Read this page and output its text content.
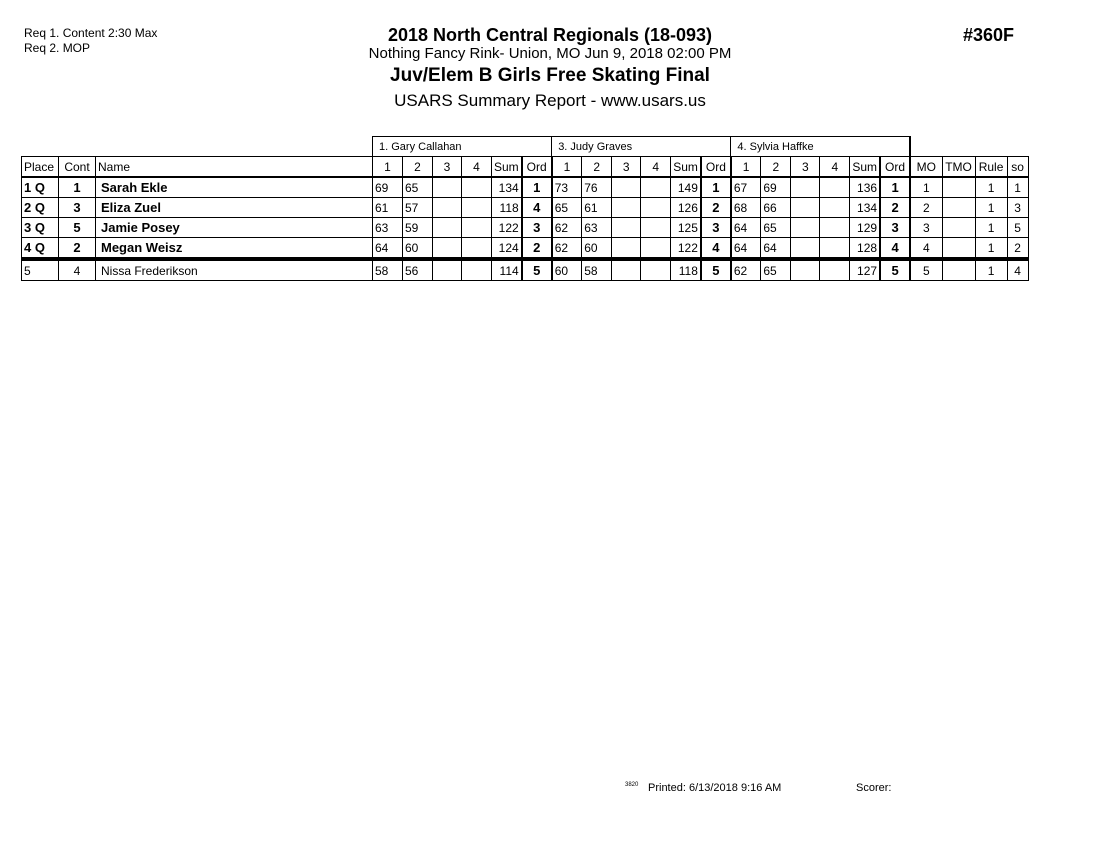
Req 1. Content 2:30 Max
Req 2. MOP
2018 North Central Regionals (18-093)
Nothing Fancy Rink- Union, MO Jun 9, 2018 02:00 PM
Juv/Elem B Girls Free Skating Final
USARS Summary Report - www.usars.us
#360F
			1. Gary Callahan						3. Judy Graves						4. Sylvia Haffke									
Place	Cont	Name	1	2	3	4	Sum	Ord	1	2	3	4	Sum	Ord	1	2	3	4	Sum	Ord	MO	TMO	Rule	so
1 Q	1	Sarah Ekle	69	65			134	1	73	76			149	1	67	69			136	1	1		1	1
2 Q	3	Eliza Zuel	61	57			118	4	65	61			126	2	68	66			134	2	2		1	3
3 Q	5	Jamie Posey	63	59			122	3	62	63			125	3	64	65			129	3	3		1	5
4 Q	2	Megan Weisz	64	60			124	2	62	60			122	4	64	64			128	4	4		1	2
5	4	Nissa Frederikson	58	56			114	5	60	58			118	5	62	65			127	5	5		1	4
3820 Printed: 6/13/2018 9:16 AM	Scorer:
